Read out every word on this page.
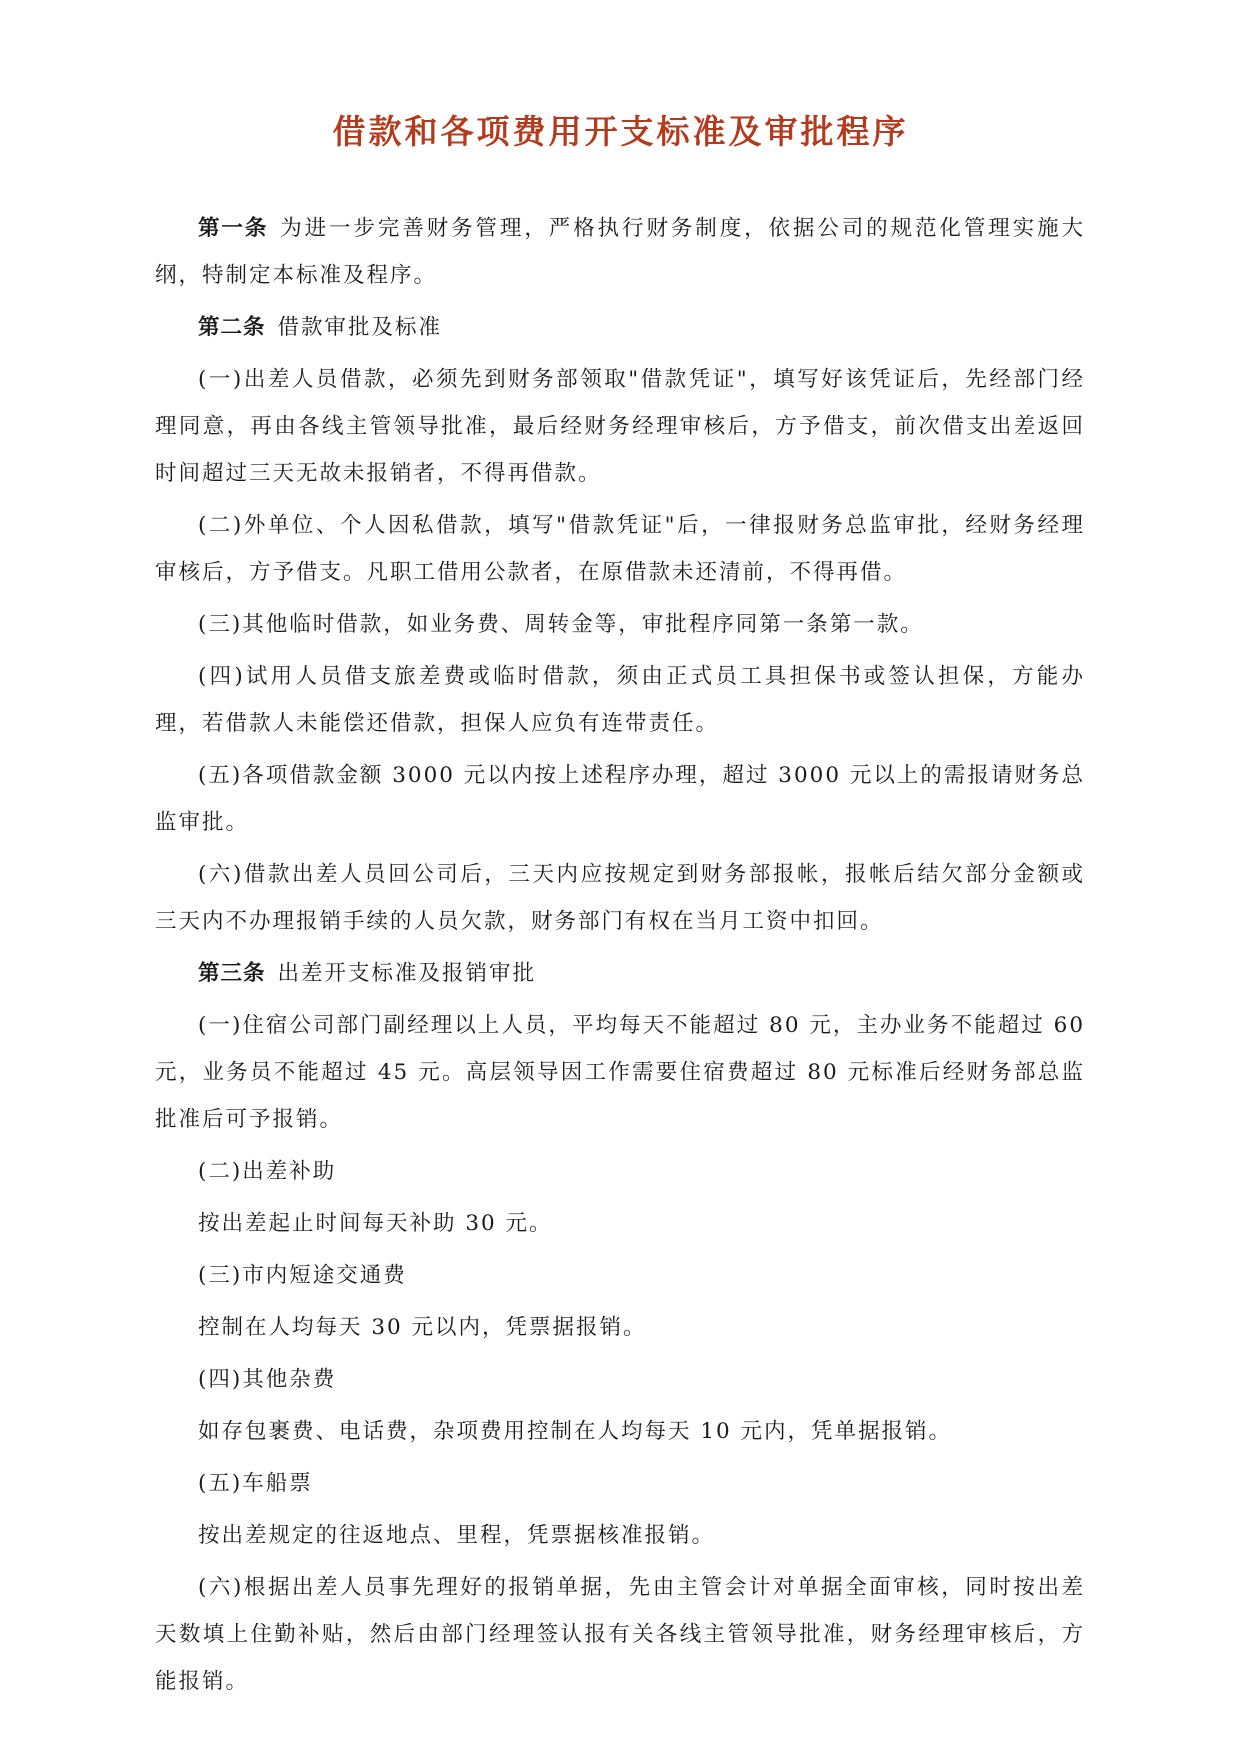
借款和各项费用开支标准及审批程序

第一条 为进一步完善财务管理，严格执行财务制度，依据公司的规范化管理实施大纲，特制定本标准及程序。

第二条 借款审批及标准

(一)出差人员借款，必须先到财务部领取"借款凭证"，填写好该凭证后，先经部门经理同意，再由各线主管领导批准，最后经财务经理审核后，方予借支，前次借支出差返回时间超过三天无故未报销者，不得再借款。

(二)外单位、个人因私借款，填写"借款凭证"后，一律报财务总监审批，经财务经理审核后，方予借支。凡职工借用公款者，在原借款未还清前，不得再借。

(三)其他临时借款，如业务费、周转金等，审批程序同第一条第一款。

(四)试用人员借支旅差费或临时借款，须由正式员工具担保书或签认担保，方能办理，若借款人未能偿还借款，担保人应负有连带责任。

(五)各项借款金额 3000 元以内按上述程序办理，超过 3000 元以上的需报请财务总监审批。

(六)借款出差人员回公司后，三天内应按规定到财务部报帐，报帐后结欠部分金额或三天内不办理报销手续的人员欠款，财务部门有权在当月工资中扣回。

第三条 出差开支标准及报销审批

(一)住宿公司部门副经理以上人员，平均每天不能超过 80 元，主办业务不能超过 60 元，业务员不能超过 45 元。高层领导因工作需要住宿费超过 80 元标准后经财务部总监批准后可予报销。

(二)出差补助

按出差起止时间每天补助 30 元。

(三)市内短途交通费

控制在人均每天 30 元以内，凭票据报销。

(四)其他杂费

如存包裹费、电话费，杂项费用控制在人均每天 10 元内，凭单据报销。

(五)车船票

按出差规定的往返地点、里程，凭票据核准报销。

(六)根据出差人员事先理好的报销单据，先由主管会计对单据全面审核，同时按出差天数填上住勤补贴，然后由部门经理签认报有关各线主管领导批准，财务经理审核后，方能报销。
